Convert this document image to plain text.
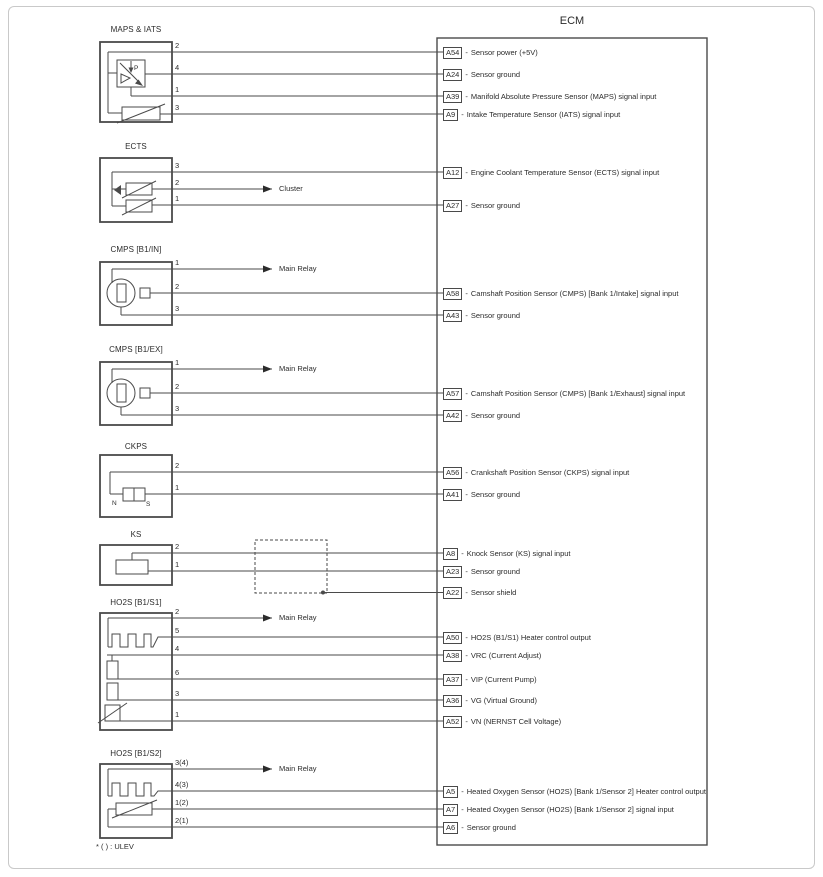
ECM
MAPS & IATS
ECTS
CMPS [B1/IN]
CMPS [B1/EX]
CKPS
KS
HO2S [B1/S1]
HO2S [B1/S2]
2
4
1
3
3
2
1
1
2
3
1
2
3
2
1
2
1
2
5
4
6
3
1
3(4)
4(3)
1(2)
2(1)
Cluster
Main Relay
Main Relay
Main Relay
Main Relay
P
N	S
* ( ) : ULEV
A54 - Sensor power (+5V)
A24 - Sensor ground
A39 - Manifold Absolute Pressure Sensor (MAPS) signal input
A9 - Intake Temperature Sensor (IATS) signal input
A12 - Engine Coolant Temperature Sensor (ECTS) signal input
A27 - Sensor ground
A58 - Camshaft Position Sensor (CMPS) [Bank 1/Intake] signal input
A43 - Sensor ground
A57 - Camshaft Position Sensor (CMPS) [Bank 1/Exhaust] signal input
A42 - Sensor ground
A56 - Crankshaft Position Sensor (CKPS) signal input
A41 - Sensor ground
A8 - Knock Sensor (KS) signal input
A23 - Sensor ground
A22 - Sensor shield
A50 - HO2S (B1/S1) Heater control output
A38 - VRC (Current Adjust)
A37 - VIP (Current Pump)
A36 - VG (Virtual Ground)
A52 - VN (NERNST Cell Voltage)
A5 - Heated Oxygen Sensor (HO2S) [Bank 1/Sensor 2] Heater control output
A7 - Heated Oxygen Sensor (HO2S) [Bank 1/Sensor 2] signal input
A6 - Sensor ground
